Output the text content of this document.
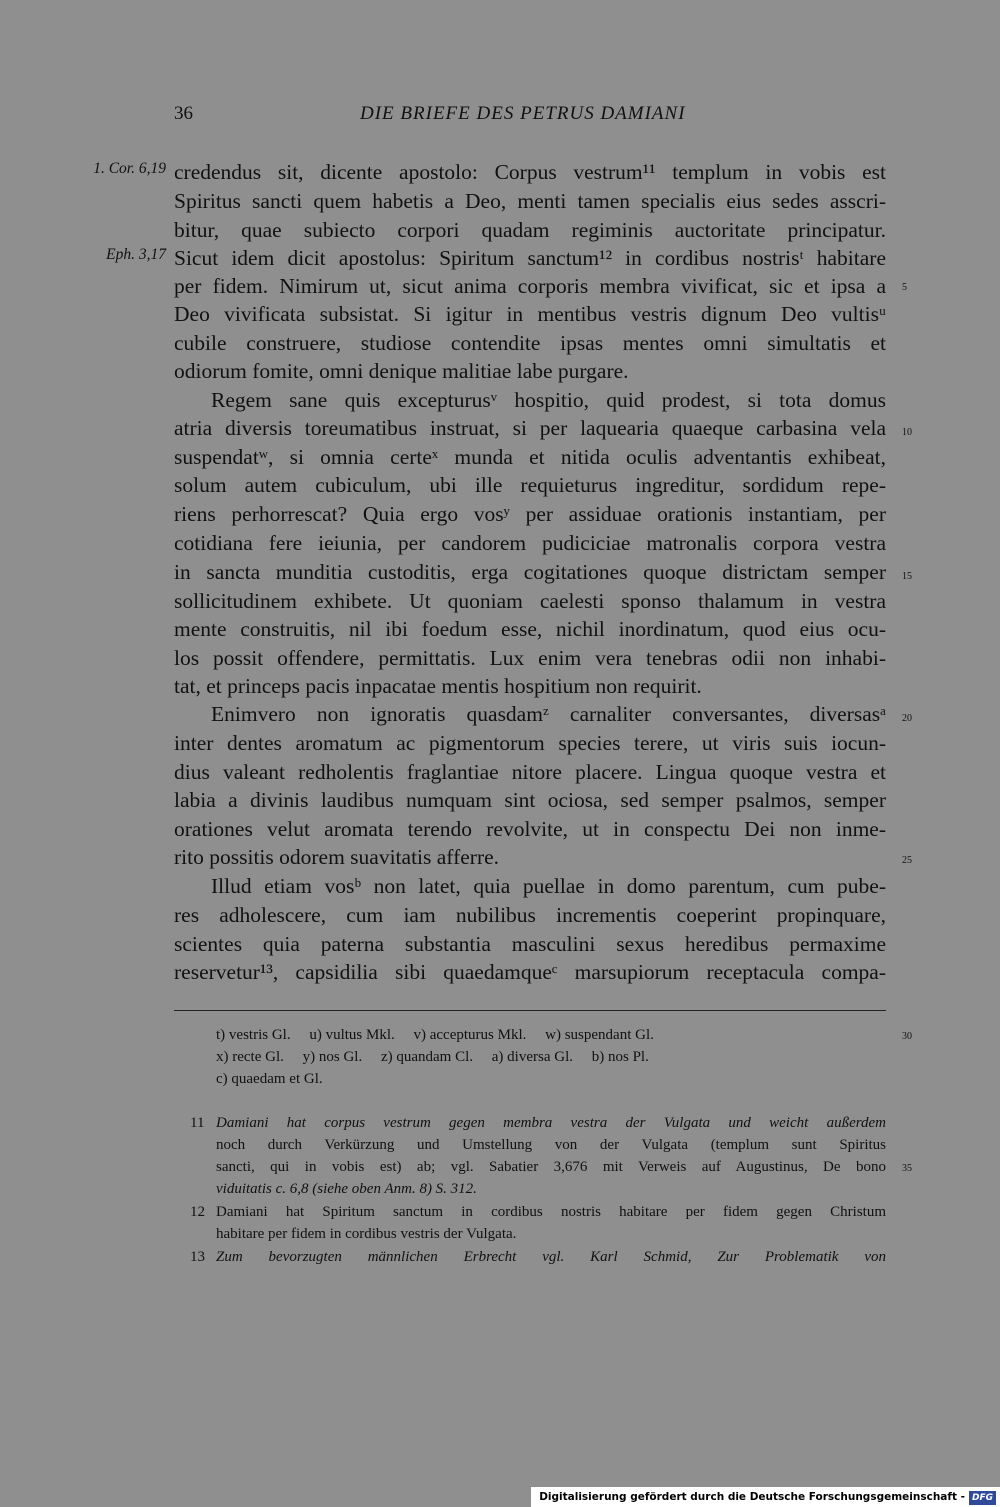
36	DIE BRIEFE DES PETRUS DAMIANI
1. Cor. 6,19
Eph. 3,17
5
10
15
20
25
30
35
credendus sit, dicente apostolo: Corpus vestrum¹¹ templum in vobis est
Spiritus sancti quem habetis a Deo, menti tamen specialis eius sedes asscri-
bitur, quae subiecto corpori quadam regiminis auctoritate principatur.
Sicut idem dicit apostolus: Spiritum sanctum¹² in cordibus nostrisᵗ habitare
per fidem. Nimirum ut, sicut anima corporis membra vivificat, sic et ipsa a
Deo vivificata subsistat. Si igitur in mentibus vestris dignum Deo vultisᵘ
cubile construere, studiose contendite ipsas mentes omni simultatis et
odiorum fomite, omni denique malitiae labe purgare.
Regem sane quis excepturusᵛ hospitio, quid prodest, si tota domus
atria diversis toreumatibus instruat, si per laquearia quaeque carbasina vela
suspendatʷ, si omnia certeˣ munda et nitida oculis adventantis exhibeat,
solum autem cubiculum, ubi ille requieturus ingreditur, sordidum repe-
riens perhorrescat? Quia ergo vosʸ per assiduae orationis instantiam, per
cotidiana fere ieiunia, per candorem pudiciciae matronalis corpora vestra
in sancta munditia custoditis, erga cogitationes quoque districtam semper
sollicitudinem exhibete. Ut quoniam caelesti sponso thalamum in vestra
mente construitis, nil ibi foedum esse, nichil inordinatum, quod eius ocu-
los possit offendere, permittatis. Lux enim vera tenebras odii non inhabi-
tat, et princeps pacis inpacatae mentis hospitium non requirit.
Enimvero non ignoratis quasdamᶻ carnaliter conversantes, diversasᵃ
inter dentes aromatum ac pigmentorum species terere, ut viris suis iocun-
dius valeant redholentis fraglantiae nitore placere. Lingua quoque vestra et
labia a divinis laudibus numquam sint ociosa, sed semper psalmos, semper
orationes velut aromata terendo revolvite, ut in conspectu Dei non inme-
rito possitis odorem suavitatis afferre.
Illud etiam vosᵇ non latet, quia puellae in domo parentum, cum pube-
res adholescere, cum iam nubilibus incrementis coeperint propinquare,
scientes quia paterna substantia masculini sexus heredibus permaxime
reservetur¹³, capsidilia sibi quaedamqueᶜ marsupiorum receptacula compa-
t) vestris Gl.     u) vultus Mkl.     v) accepturus Mkl.     w) suspendant Gl.
x) recte Gl.     y) nos Gl.     z) quandam Cl.     a) diversa Gl.     b) nos Pl.
c) quaedam et Gl.
11 Damiani hat corpus vestrum gegen membra vestra der Vulgata und weicht außerdem
noch durch Verkürzung und Umstellung von der Vulgata (templum sunt Spiritus
sancti, qui in vobis est) ab; vgl. Sabatier 3,676 mit Verweis auf Augustinus, De bono
viduitatis c. 6,8 (siehe oben Anm. 8) S. 312.
12 Damiani hat Spiritum sanctum in cordibus nostris habitare per fidem gegen Christum
habitare per fidem in cordibus vestris der Vulgata.
13 Zum bevorzugten männlichen Erbrecht vgl. Karl Schmid, Zur Problematik von
Digitalisierung gefördert durch die Deutsche Forschungsgemeinschaft - DFG
